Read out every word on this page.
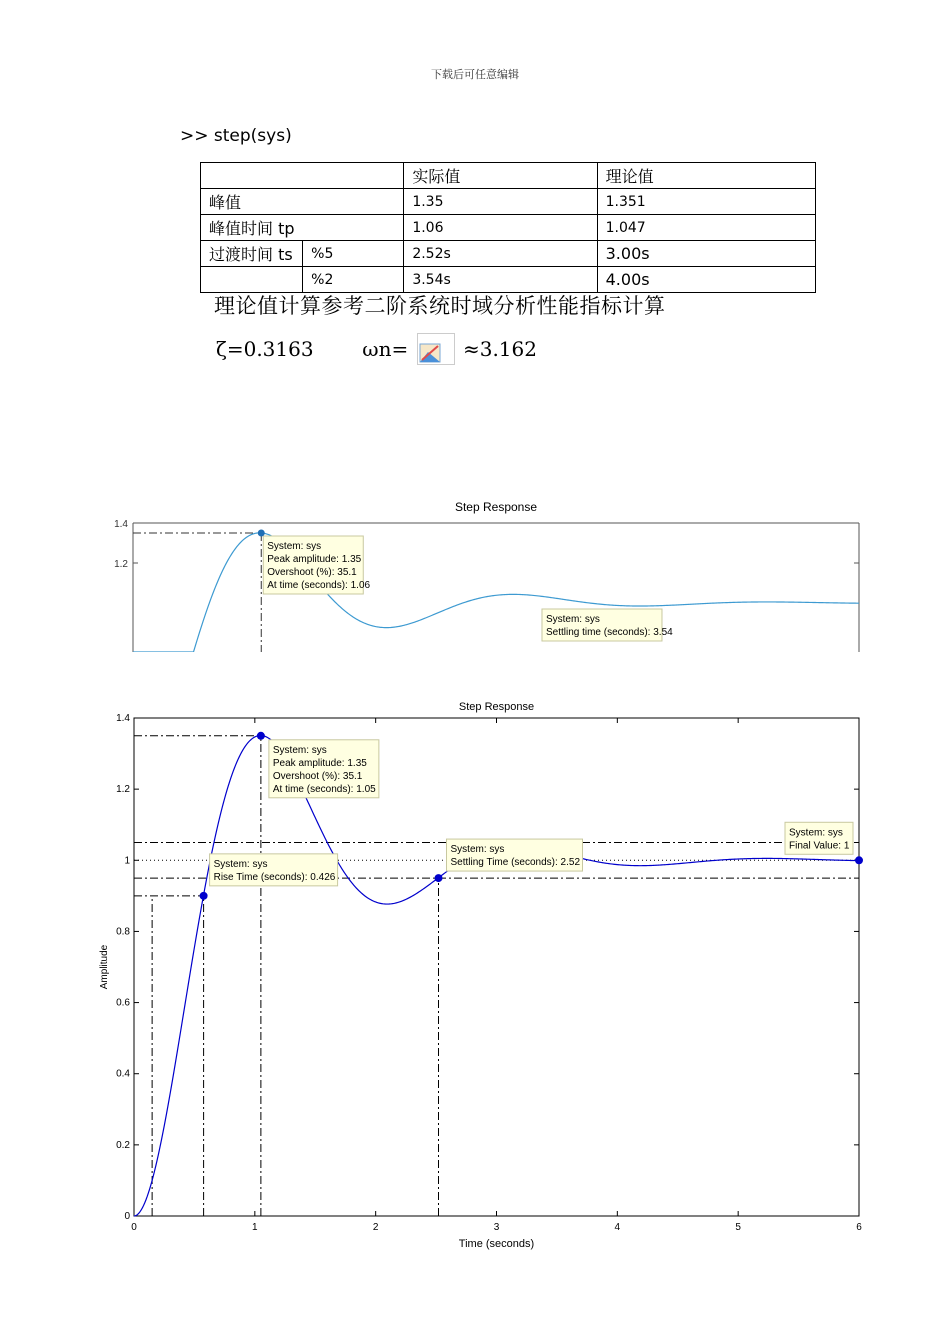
下载后可任意编辑
>> step(sys)
		实际值	理论值
峰值		1.35	1.351
峰值时间 tp		1.06	1.047
过渡时间 ts	%5	2.52s	3.00s
	%2	3.54s	4.00s
理论值计算参考二阶系统时域分析性能指标计算
ζ=0.3163 ωn=	≈3.162
Step Response
1.4
1.2
System: sys
Peak amplitude: 1.35
Overshoot (%): 35.1
At time (seconds): 1.06
System: sys
Settling time (seconds): 3.54
Step Response
Time (seconds)
Amplitude
0	1	2	3	4	5	6
0
0.2
0.4
0.6
0.8
1
1.2
1.4
System: sys
Peak amplitude: 1.35
Overshoot (%): 35.1
At time (seconds): 1.05
System: sys
Rise Time (seconds): 0.426
System: sys
Settling Time (seconds): 2.52
System: sys
Final Value: 1
